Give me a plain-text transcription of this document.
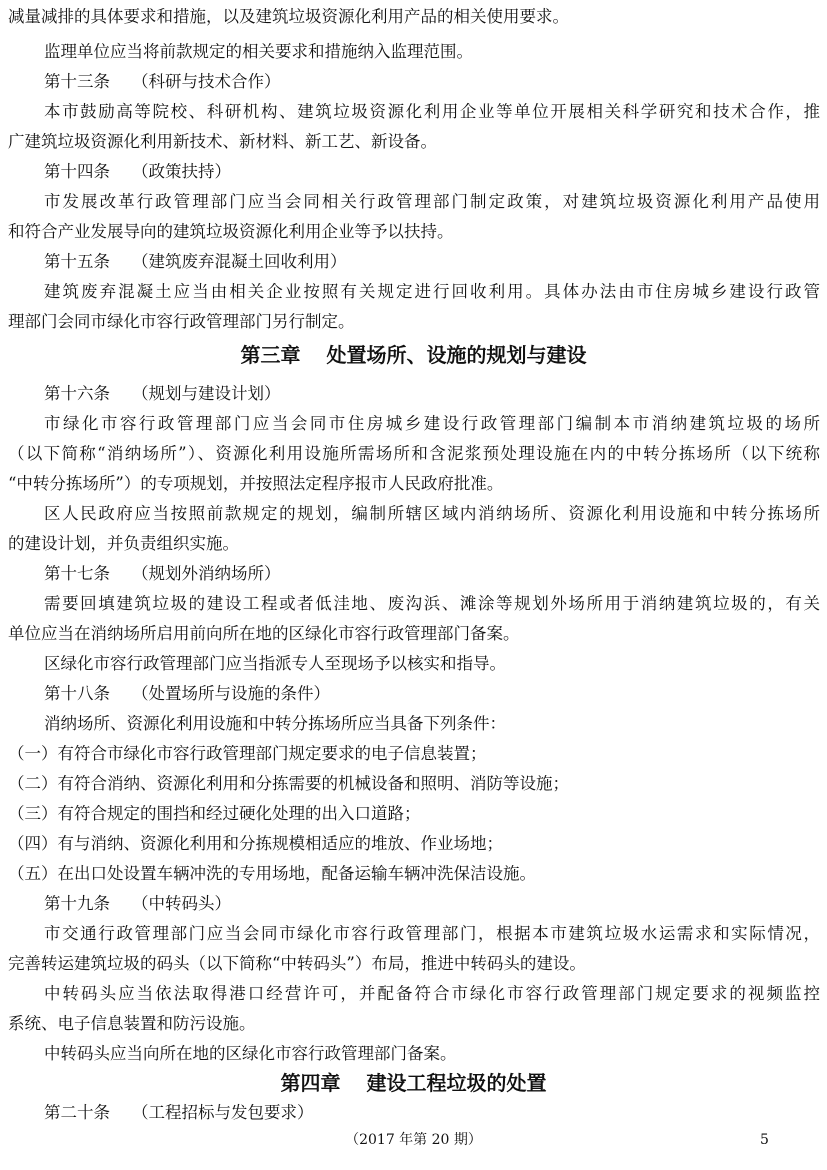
减量减排的具体要求和措施，以及建筑垃圾资源化利用产品的相关使用要求。
监理单位应当将前款规定的相关要求和措施纳入监理范围。
第十三条 （科研与技术合作）
本市鼓励高等院校、科研机构、建筑垃圾资源化利用企业等单位开展相关科学研究和技术合作，推
广建筑垃圾资源化利用新技术、新材料、新工艺、新设备。
第十四条 （政策扶持）
市发展改革行政管理部门应当会同相关行政管理部门制定政策，对建筑垃圾资源化利用产品使用
和符合产业发展导向的建筑垃圾资源化利用企业等予以扶持。
第十五条 （建筑废弃混凝土回收利用）
建筑废弃混凝土应当由相关企业按照有关规定进行回收利用。具体办法由市住房城乡建设行政管
理部门会同市绿化市容行政管理部门另行制定。
第三章 处置场所、设施的规划与建设
第十六条 （规划与建设计划）
市绿化市容行政管理部门应当会同市住房城乡建设行政管理部门编制本市消纳建筑垃圾的场所
（以下简称“消纳场所”）、资源化利用设施所需场所和含泥浆预处理设施在内的中转分拣场所（以下统称
“中转分拣场所”）的专项规划，并按照法定程序报市人民政府批准。
区人民政府应当按照前款规定的规划，编制所辖区域内消纳场所、资源化利用设施和中转分拣场所
的建设计划，并负责组织实施。
第十七条 （规划外消纳场所）
需要回填建筑垃圾的建设工程或者低洼地、废沟浜、滩涂等规划外场所用于消纳建筑垃圾的，有关
单位应当在消纳场所启用前向所在地的区绿化市容行政管理部门备案。
区绿化市容行政管理部门应当指派专人至现场予以核实和指导。
第十八条 （处置场所与设施的条件）
消纳场所、资源化利用设施和中转分拣场所应当具备下列条件：
（一）有符合市绿化市容行政管理部门规定要求的电子信息装置；
（二）有符合消纳、资源化利用和分拣需要的机械设备和照明、消防等设施；
（三）有符合规定的围挡和经过硬化处理的出入口道路；
（四）有与消纳、资源化利用和分拣规模相适应的堆放、作业场地；
（五）在出口处设置车辆冲洗的专用场地，配备运输车辆冲洗保洁设施。
第十九条 （中转码头）
市交通行政管理部门应当会同市绿化市容行政管理部门，根据本市建筑垃圾水运需求和实际情况，
完善转运建筑垃圾的码头（以下简称“中转码头”）布局，推进中转码头的建设。
中转码头应当依法取得港口经营许可，并配备符合市绿化市容行政管理部门规定要求的视频监控
系统、电子信息装置和防污设施。
中转码头应当向所在地的区绿化市容行政管理部门备案。
第四章 建设工程垃圾的处置
第二十条 （工程招标与发包要求）
（2017 年第 20 期）	5
